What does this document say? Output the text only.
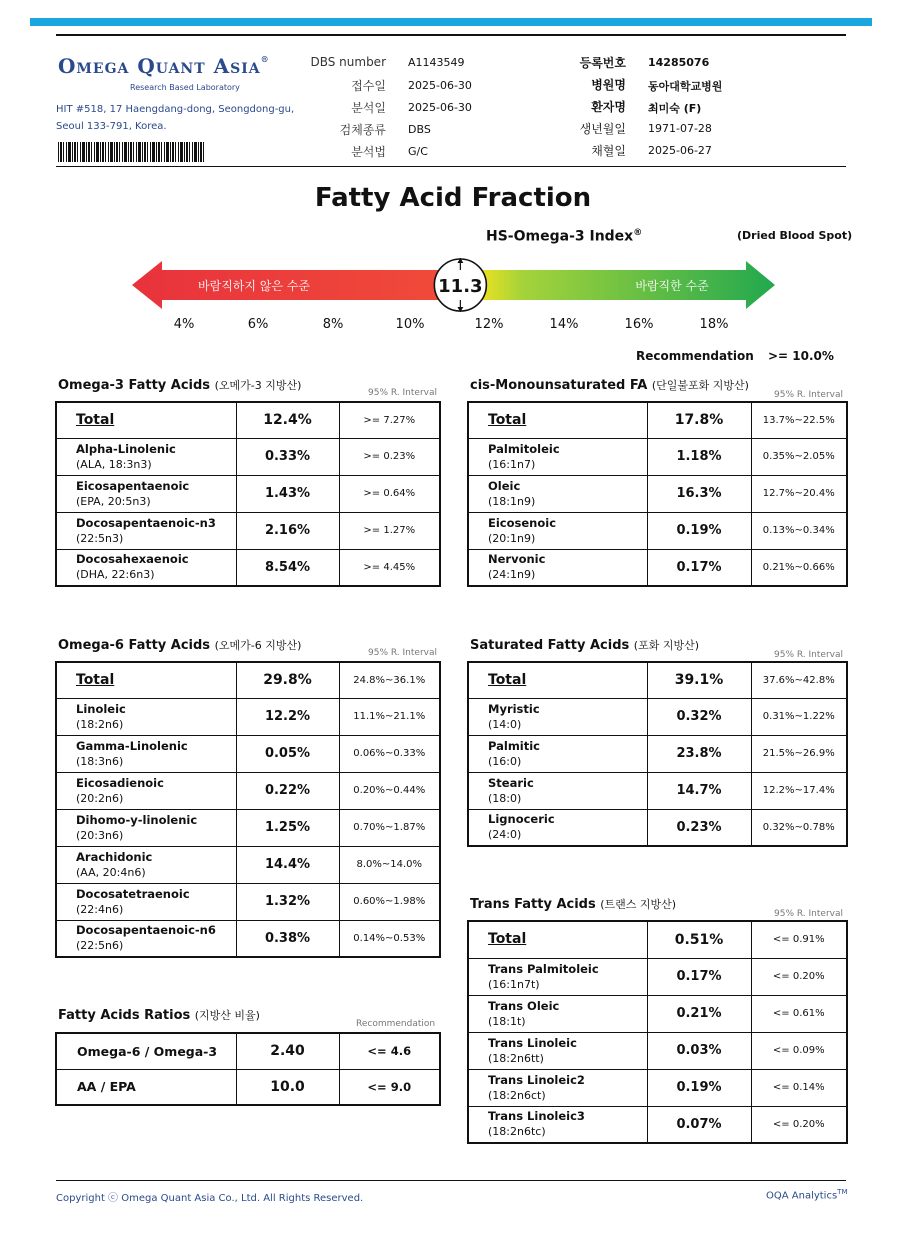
Omega Quant Asia®
Research Based Laboratory
HIT #518, 17 Haengdang-dong, Seongdong-gu,
Seoul 133-791, Korea.
DBS number A1143549
접수일 2025-06-30
분석일 2025-06-30
검체종류 DBS
분석법 G/C
등록번호 14285076
병원명 동아대학교병원
환자명 최미숙 (F)
생년월일 1971-07-28
채혈일 2025-06-27
Fatty Acid Fraction
HS-Omega-3 Index®	(Dried Blood Spot)
바람직하지 않은 수준	바람직한 수준
11.3
4%	6%	8%	10%	12%	14%	16%	18%
Recommendation >= 10.0%
Omega-3 Fatty Acids (오메가-3 지방산)
95% R. Interval
Total	12.4%	>= 7.27%
Alpha-Linolenic
(ALA, 18:3n3)	0.33%	>= 0.23%
Eicosapentaenoic
(EPA, 20:5n3)	1.43%	>= 0.64%
Docosapentaenoic-n3
(22:5n3)	2.16%	>= 1.27%
Docosahexaenoic
(DHA, 22:6n3)	8.54%	>= 4.45%
cis-Monounsaturated FA (단일불포화 지방산)
95% R. Interval
Total	17.8%	13.7%~22.5%
Palmitoleic
(16:1n7)	1.18%	0.35%~2.05%
Oleic
(18:1n9)	16.3%	12.7%~20.4%
Eicosenoic
(20:1n9)	0.19%	0.13%~0.34%
Nervonic
(24:1n9)	0.17%	0.21%~0.66%
Omega-6 Fatty Acids (오메가-6 지방산)
95% R. Interval
Total	29.8%	24.8%~36.1%
Linoleic
(18:2n6)	12.2%	11.1%~21.1%
Gamma-Linolenic
(18:3n6)	0.05%	0.06%~0.33%
Eicosadienoic
(20:2n6)	0.22%	0.20%~0.44%
Dihomo-y-linolenic
(20:3n6)	1.25%	0.70%~1.87%
Arachidonic
(AA, 20:4n6)	14.4%	8.0%~14.0%
Docosatetraenoic
(22:4n6)	1.32%	0.60%~1.98%
Docosapentaenoic-n6
(22:5n6)	0.38%	0.14%~0.53%
Saturated Fatty Acids (포화 지방산)
95% R. Interval
Total	39.1%	37.6%~42.8%
Myristic
(14:0)	0.32%	0.31%~1.22%
Palmitic
(16:0)	23.8%	21.5%~26.9%
Stearic
(18:0)	14.7%	12.2%~17.4%
Lignoceric
(24:0)	0.23%	0.32%~0.78%
Fatty Acids Ratios (지방산 비율)
Recommendation
Omega-6 / Omega-3	2.40	<= 4.6
AA / EPA	10.0	<= 9.0
Trans Fatty Acids (트랜스 지방산)
95% R. Interval
Total	0.51%	<= 0.91%
Trans Palmitoleic
(16:1n7t)	0.17%	<= 0.20%
Trans Oleic
(18:1t)	0.21%	<= 0.61%
Trans Linoleic
(18:2n6tt)	0.03%	<= 0.09%
Trans Linoleic2
(18:2n6ct)	0.19%	<= 0.14%
Trans Linoleic3
(18:2n6tc)	0.07%	<= 0.20%
Copyright ⓒ Omega Quant Asia Co., Ltd. All Rights Reserved.	OQA Analytics™
